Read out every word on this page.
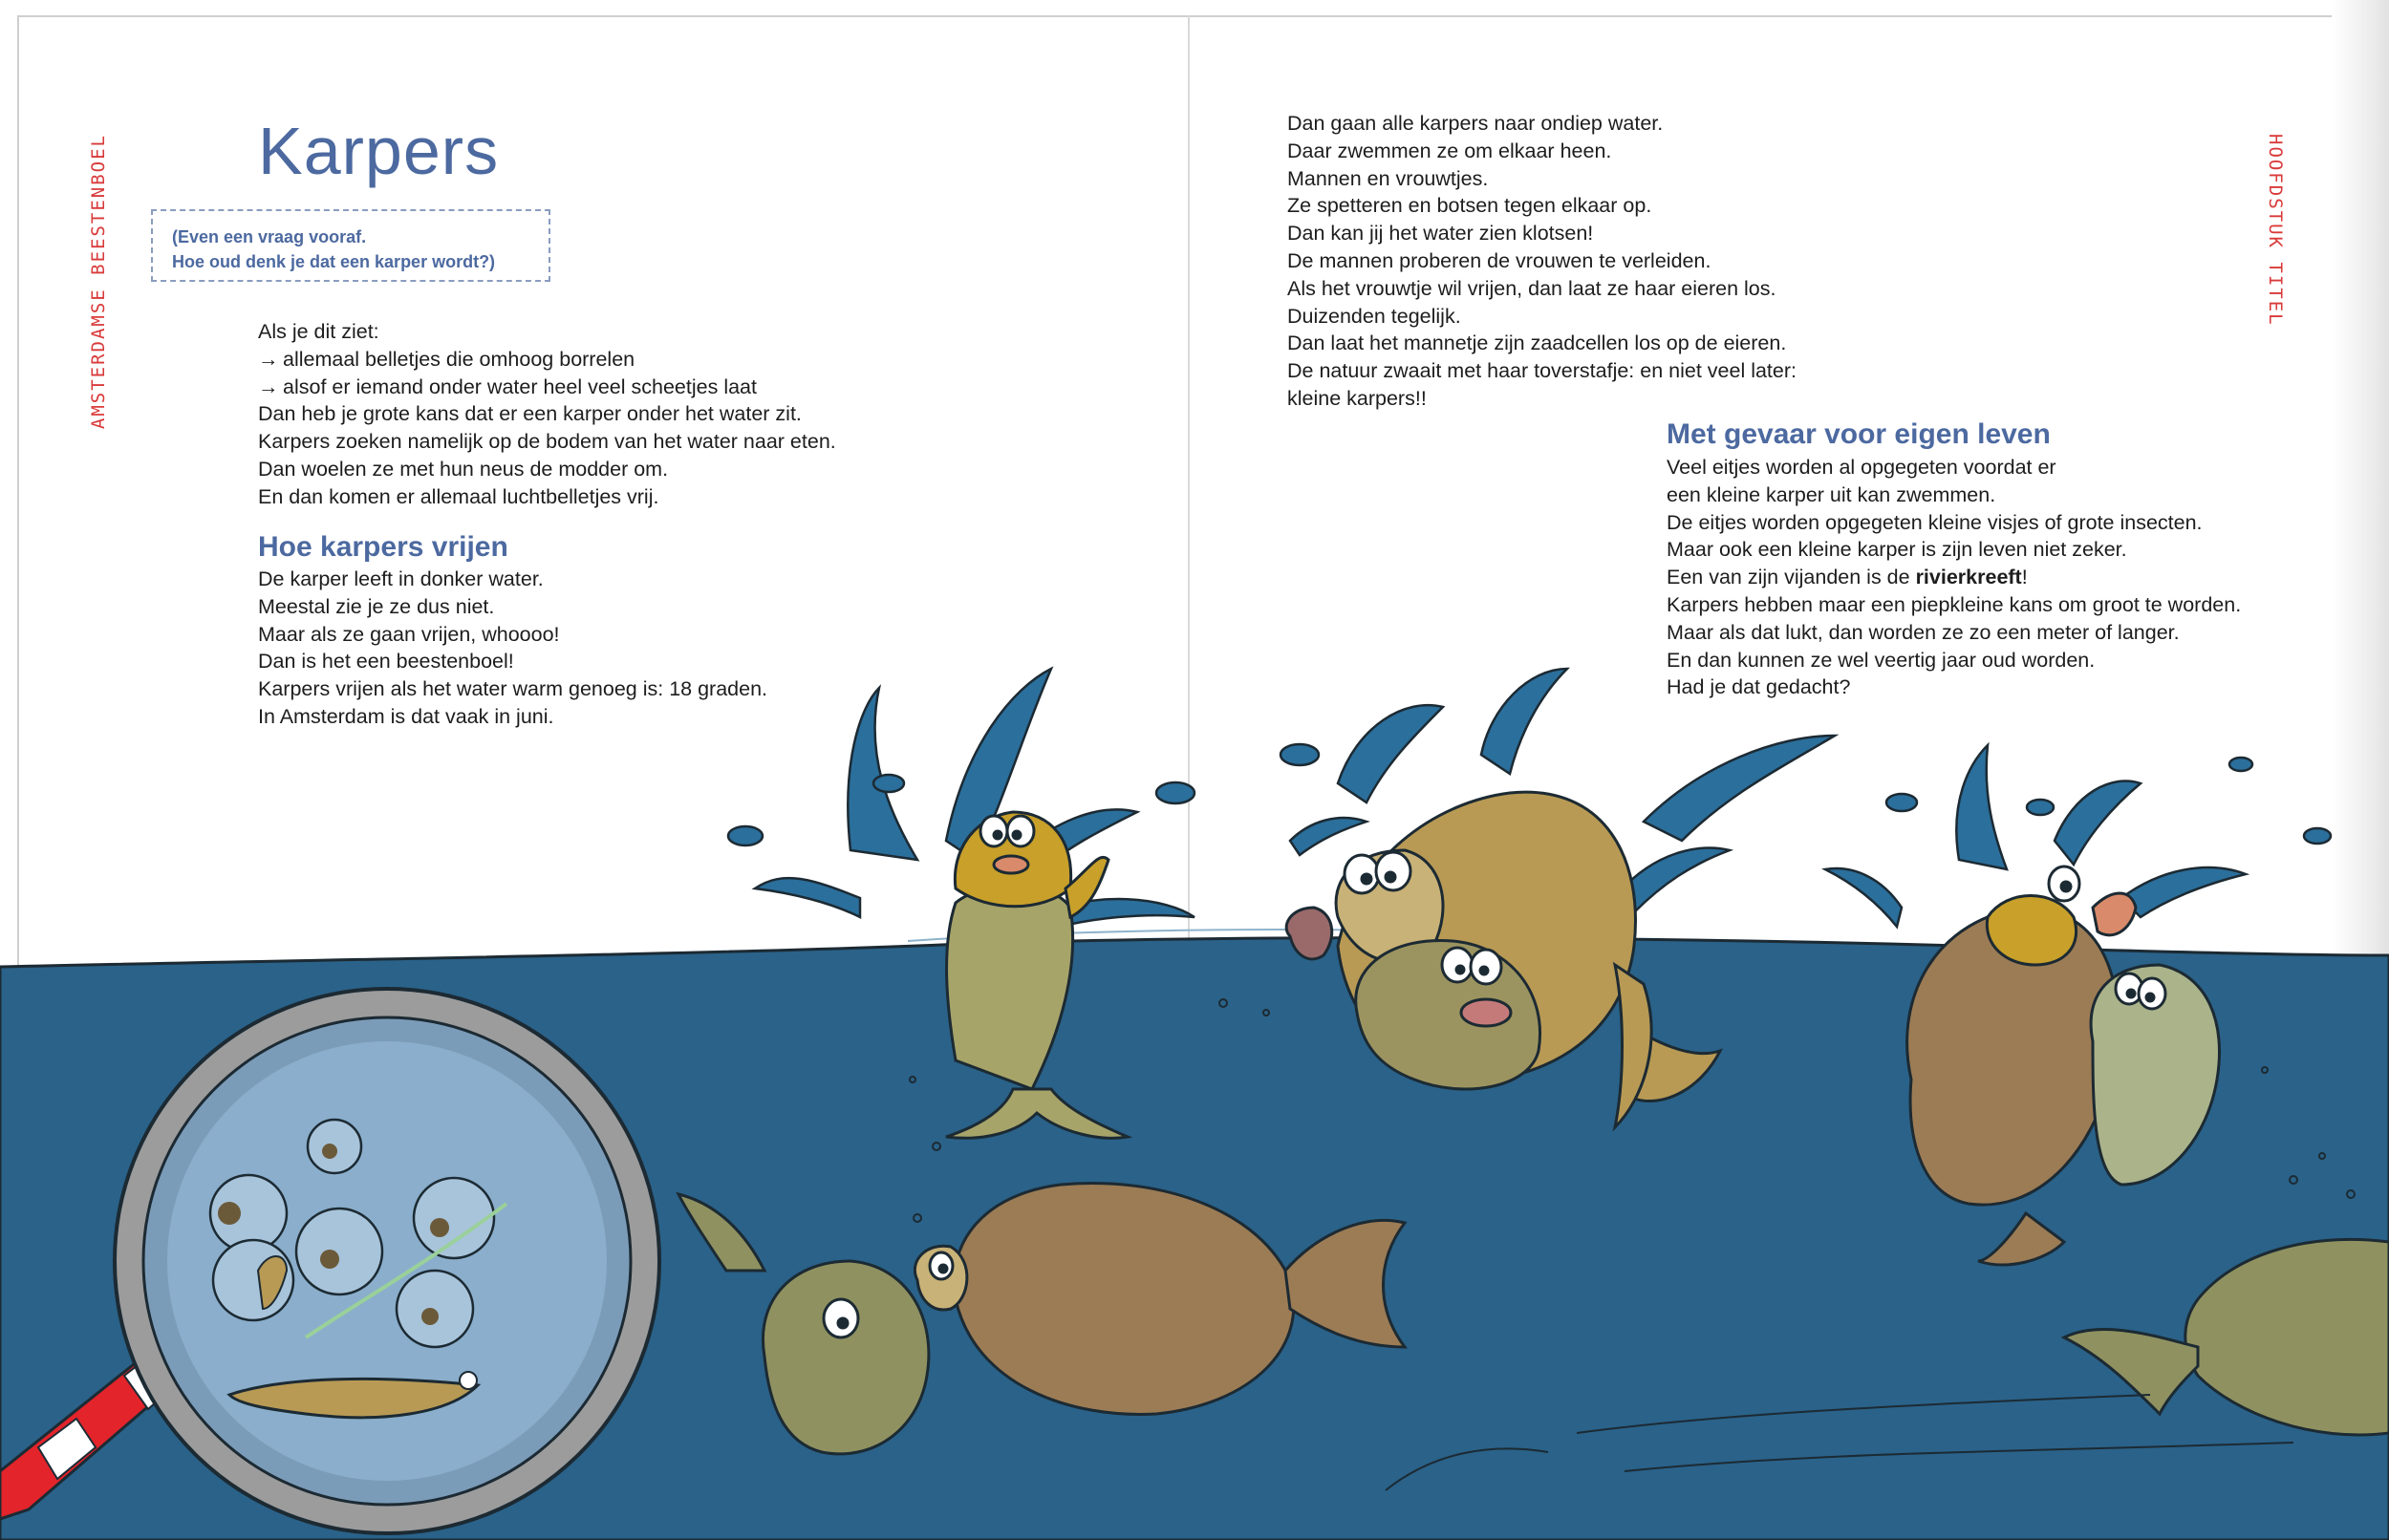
AMSTERDAMSE BEESTENBOEL Karpers
(Even een vraag vooraf.
Hoe oud denk je dat een karper wordt?)
Als je dit ziet:
→ allemaal belletjes die omhoog borrelen
→ alsof er iemand onder water heel veel scheetjes laat
Dan heb je grote kans dat er een karper onder het water zit.
Karpers zoeken namelijk op de bodem van het water naar eten.
Dan woelen ze met hun neus de modder om.
En dan komen er allemaal luchtbelletjes vrij.
Hoe karpers vrijen
De karper leeft in donker water.
Meestal zie je ze dus niet.
Maar als ze gaan vrijen, whoooo!
Dan is het een beestenboel!
Karpers vrijen als het water warm genoeg is: 18 graden.
In Amsterdam is dat vaak in juni.
HOOFDSTUK TITEL
Dan gaan alle karpers naar ondiep water.
Daar zwemmen ze om elkaar heen.
Mannen en vrouwtjes.
Ze spetteren en botsen tegen elkaar op.
Dan kan jij het water zien klotsen!
De mannen proberen de vrouwen te verleiden.
Als het vrouwtje wil vrijen, dan laat ze haar eieren los.
Duizenden tegelijk.
Dan laat het mannetje zijn zaadcellen los op de eieren.
De natuur zwaait met haar toverstafje: en niet veel later:
kleine karpers!!
Met gevaar voor eigen leven
Veel eitjes worden al opgegeten voordat er
een kleine karper uit kan zwemmen.
De eitjes worden opgegeten kleine visjes of grote insecten.
Maar ook een kleine karper is zijn leven niet zeker.
Een van zijn vijanden is de rivierkreeft!
Karpers hebben maar een piepkleine kans om groot te worden.
Maar als dat lukt, dan worden ze zo een meter of langer.
En dan kunnen ze wel veertig jaar oud worden.
Had je dat gedacht?
